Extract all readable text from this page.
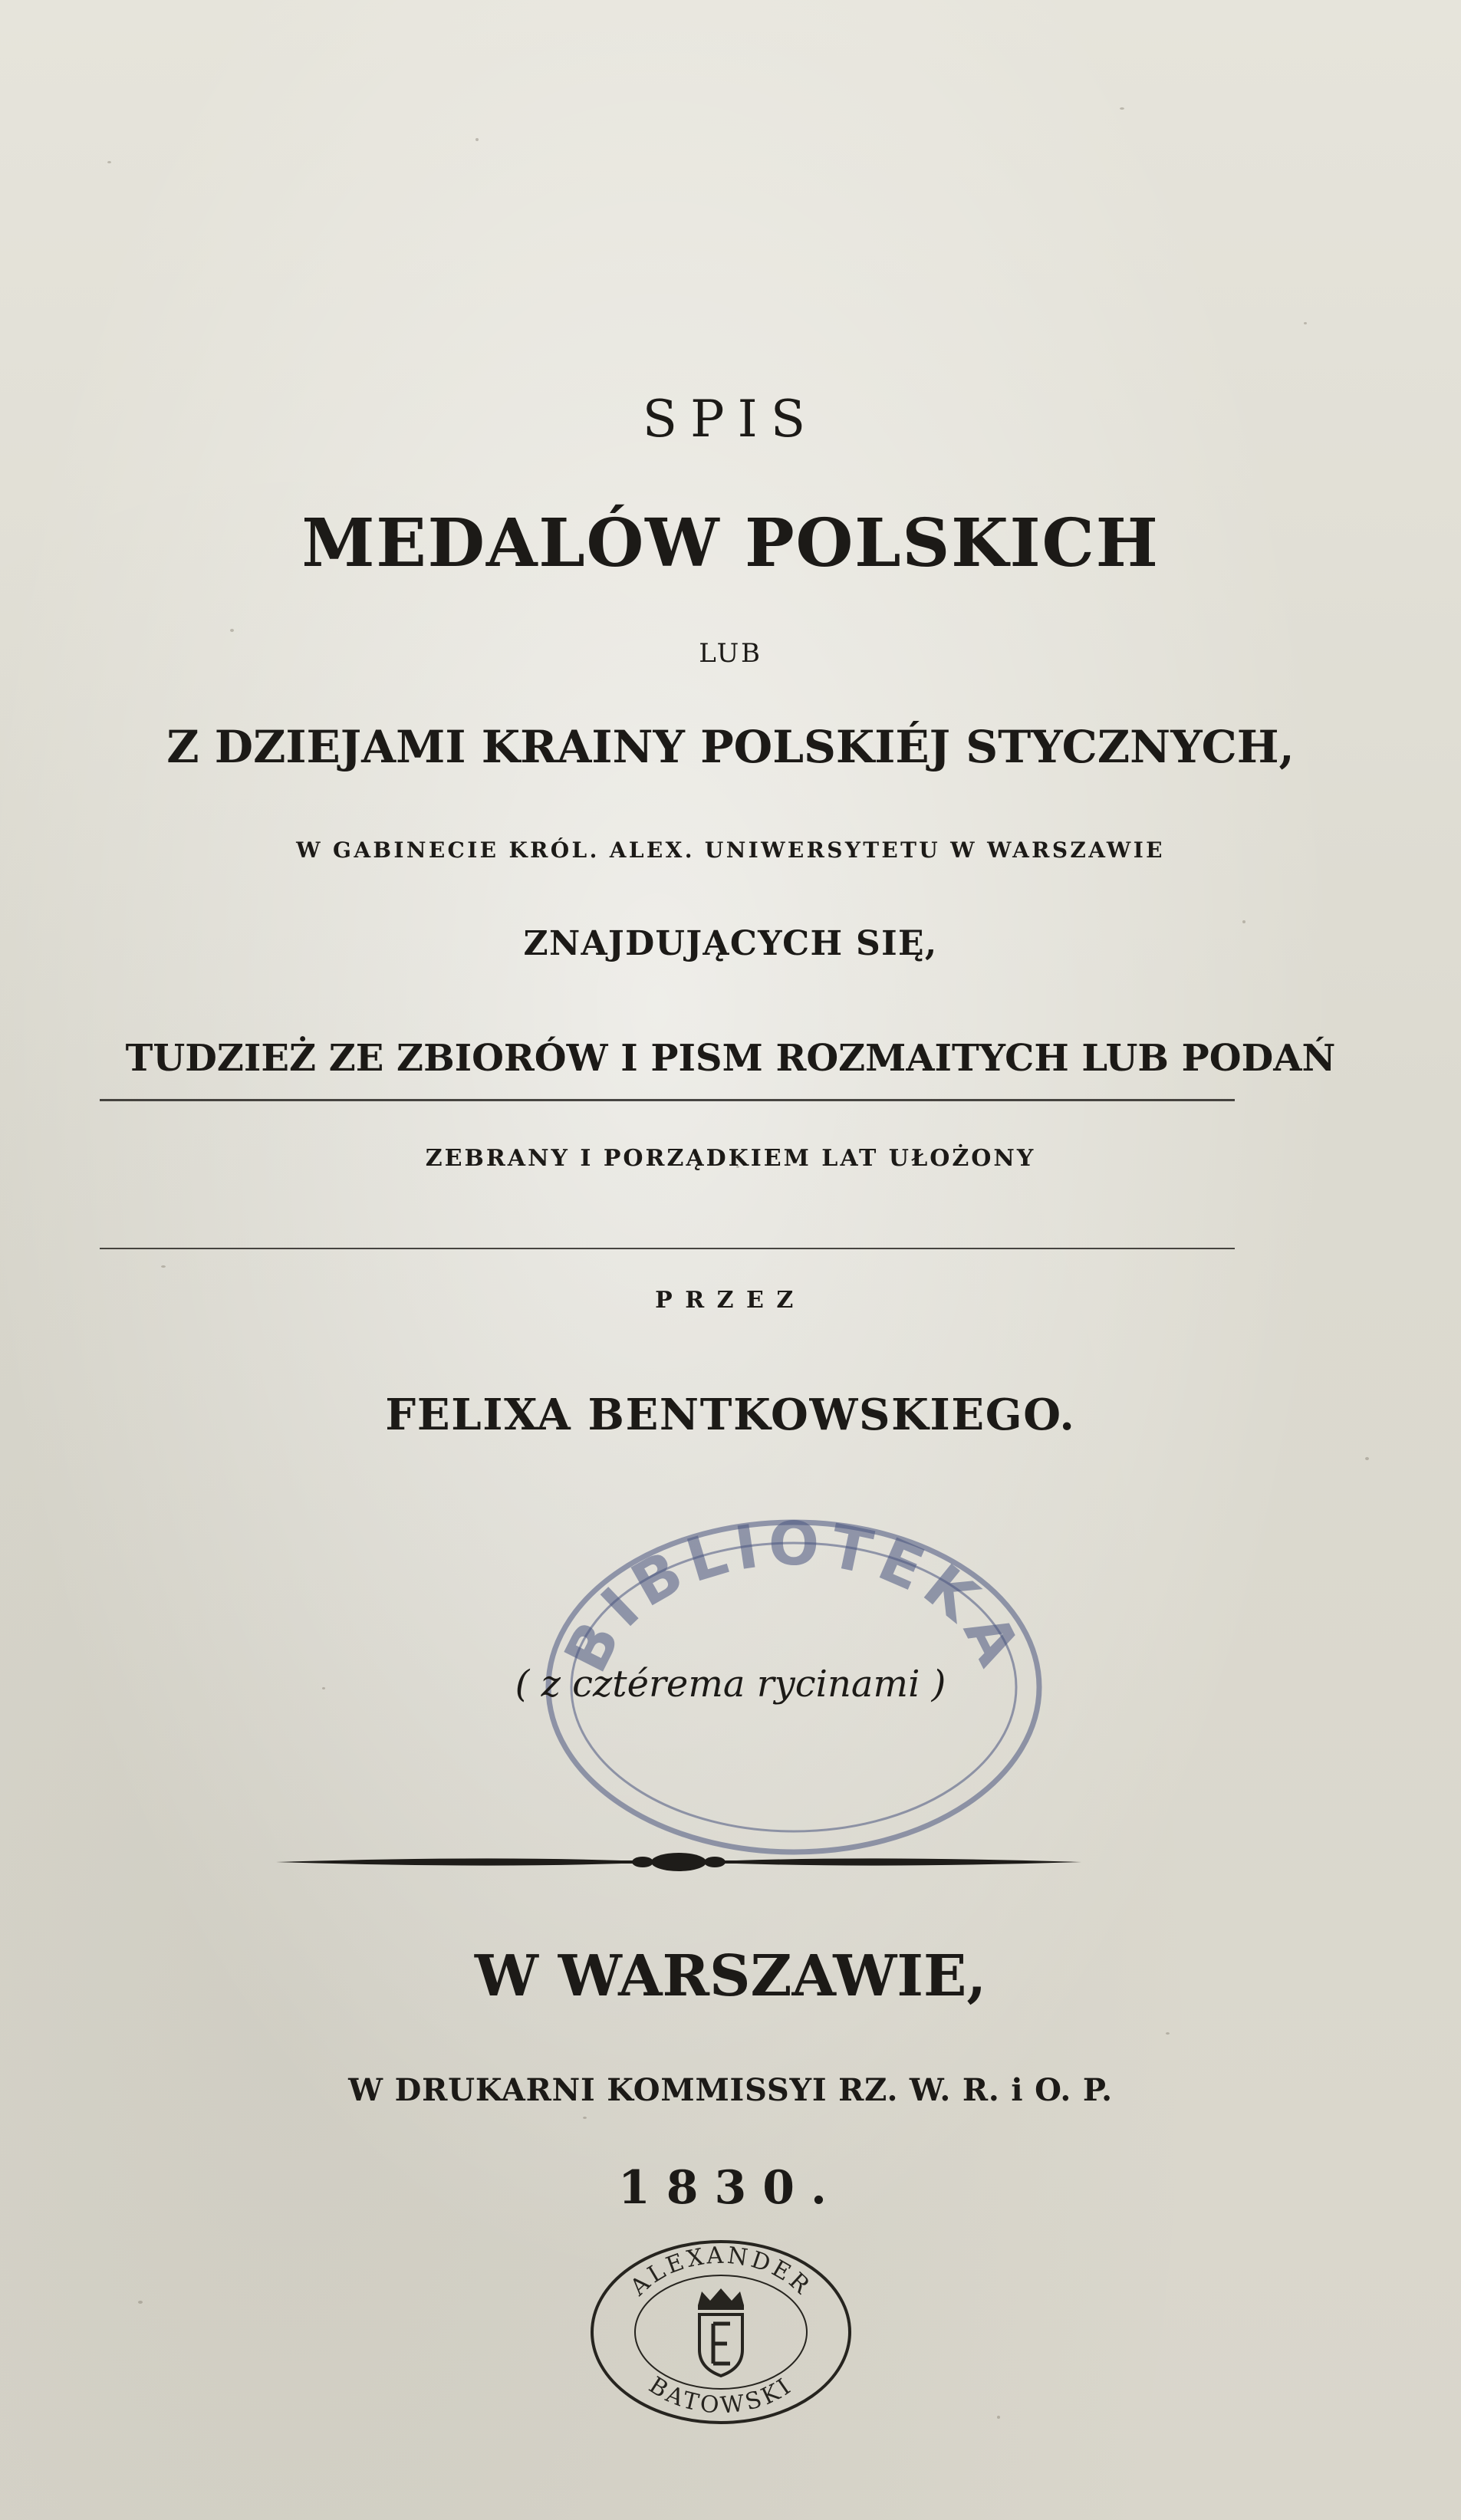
BIBLIOTEKA
SPIS
MEDALÓW POLSKICH
LUB
Z DZIEJAMI KRAINY POLSKIÉJ STYCZNYCH,
W GABINECIE KRÓL. ALEX. UNIWERSYTETU W WARSZAWIE
ZNAJDUJĄCYCH SIĘ,
TUDZIEŻ ZE ZBIORÓW I PISM ROZMAITYCH LUB PODAŃ
ZEBRANY I PORZĄDKIEM LAT UŁOŻONY
PRZEZ
FELIXA BENTKOWSKIEGO.
( z cztérema rycinami )
W WARSZAWIE,
W DRUKARNI KOMMISSYI RZ. W. R. i O. P.
1830.
ALEXANDER
BATOWSKI
